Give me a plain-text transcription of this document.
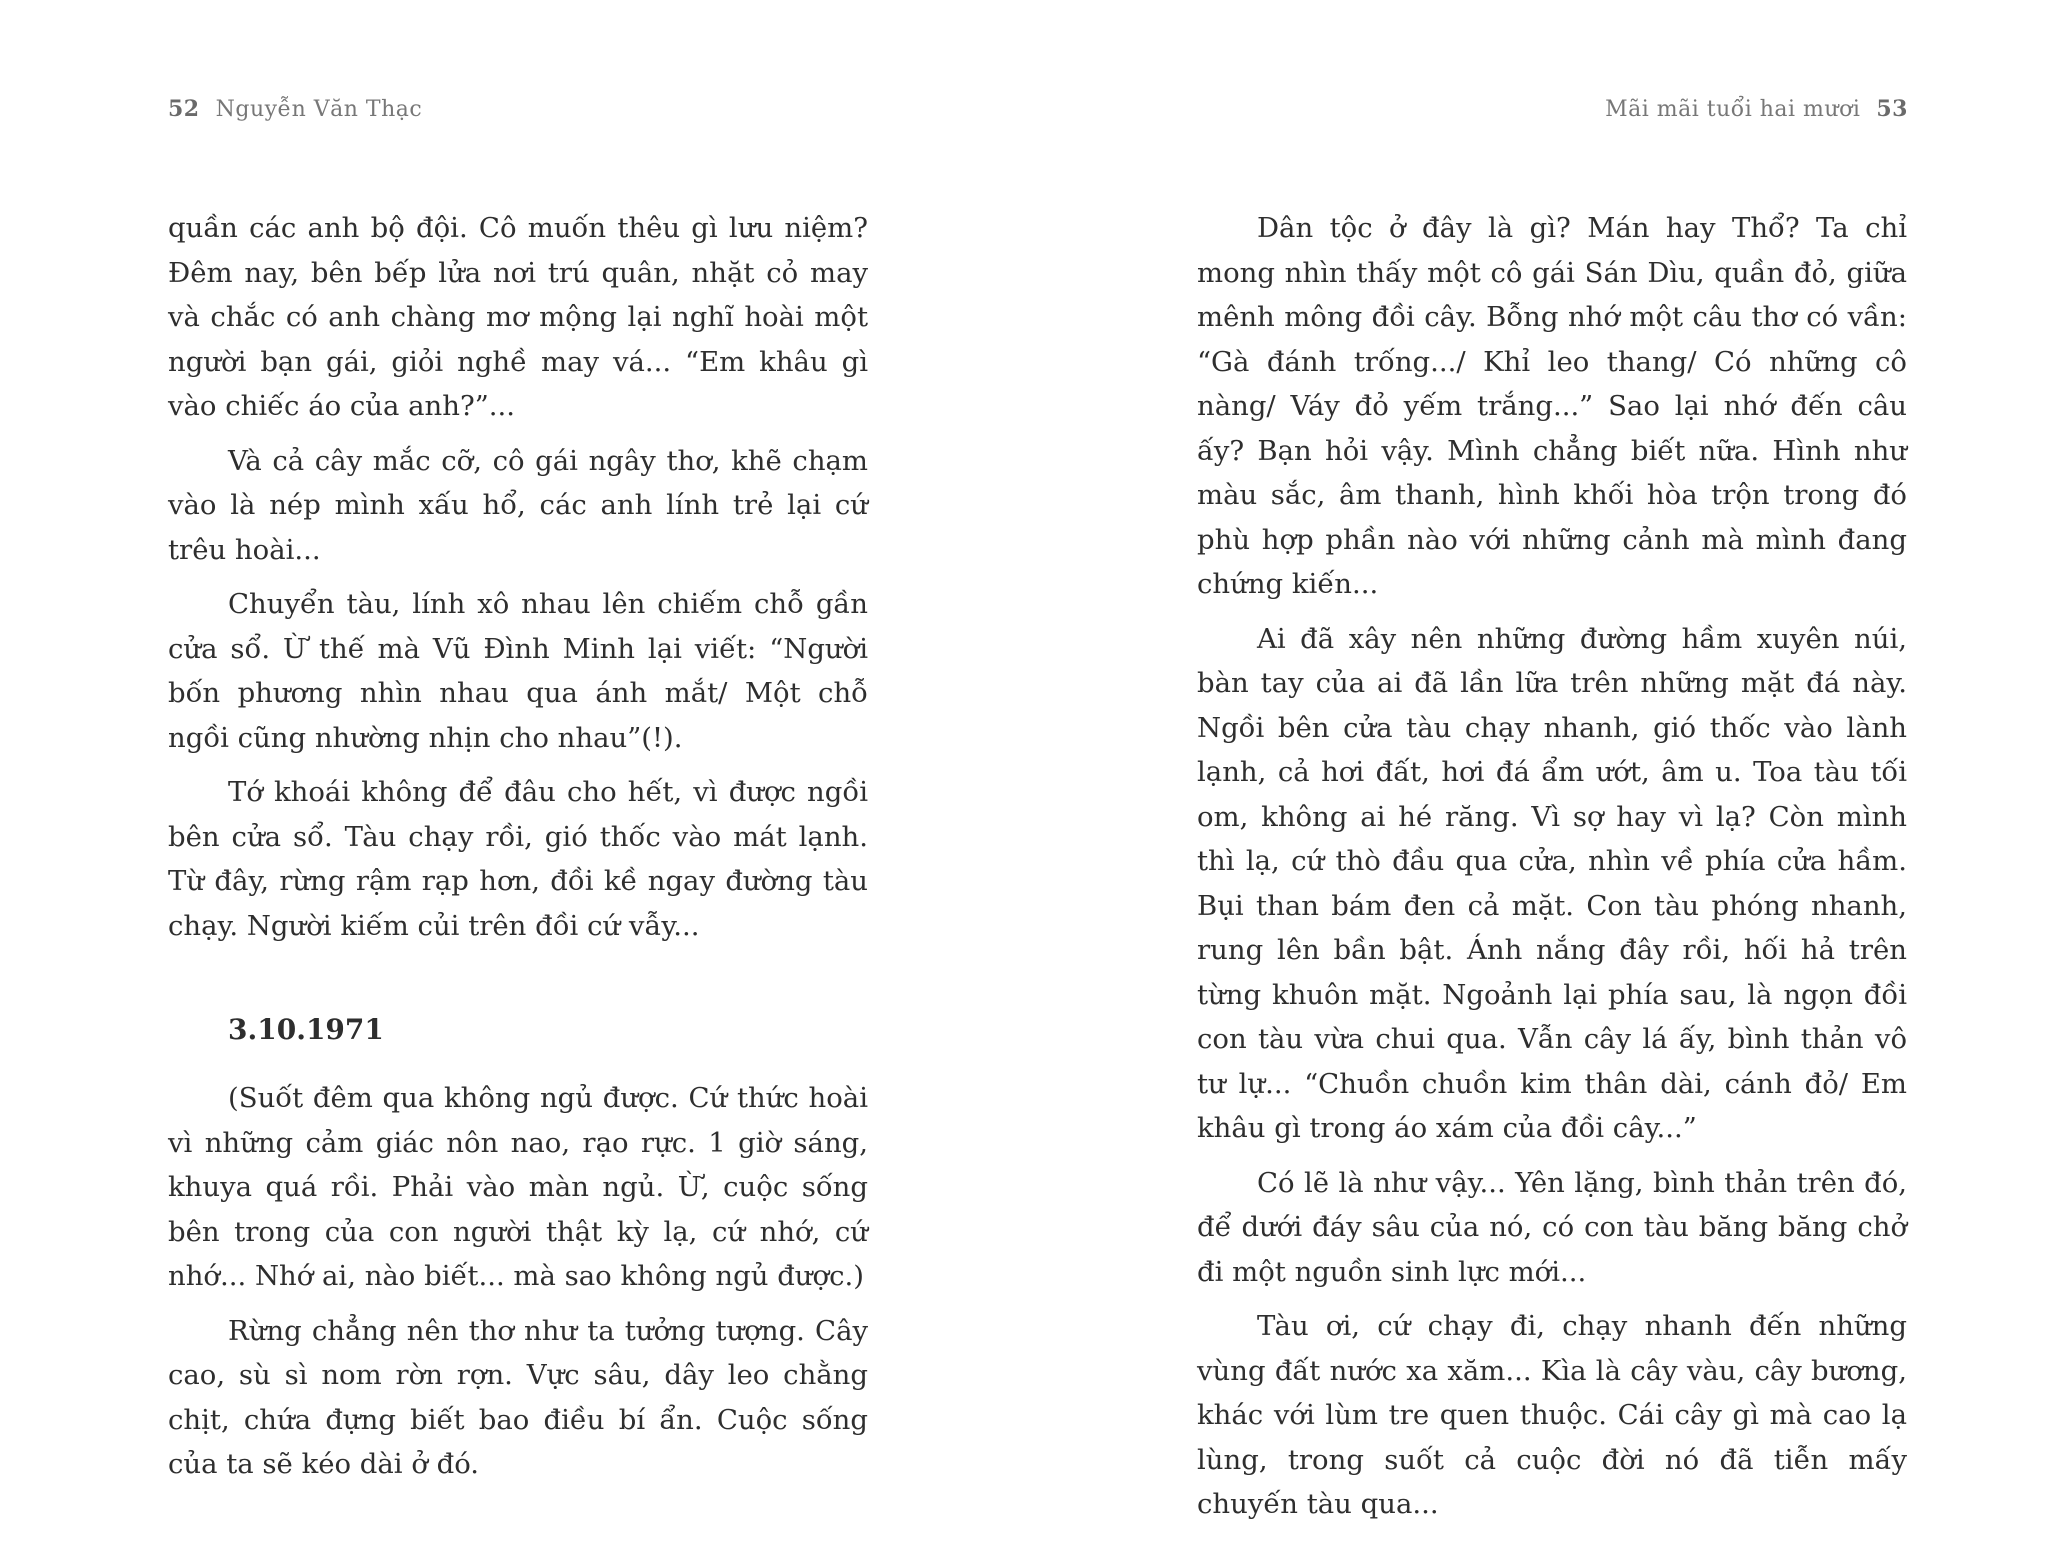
52 Nguyễn Văn Thạc

quần các anh bộ đội. Cô muốn thêu gì lưu niệm? Đêm nay, bên bếp lửa nơi trú quân, nhặt cỏ may và chắc có anh chàng mơ mộng lại nghĩ hoài một người bạn gái, giỏi nghề may vá... “Em khâu gì vào chiếc áo của anh?”...

Và cả cây mắc cỡ, cô gái ngây thơ, khẽ chạm vào là nép mình xấu hổ, các anh lính trẻ lại cứ trêu hoài...

Chuyển tàu, lính xô nhau lên chiếm chỗ gần cửa sổ. Ừ thế mà Vũ Đình Minh lại viết: “Người bốn phương nhìn nhau qua ánh mắt/ Một chỗ ngồi cũng nhường nhịn cho nhau”(!).

Tớ khoái không để đâu cho hết, vì được ngồi bên cửa sổ. Tàu chạy rồi, gió thốc vào mát lạnh. Từ đây, rừng rậm rạp hơn, đồi kề ngay đường tàu chạy. Người kiếm củi trên đồi cứ vẫy...

3.10.1971

(Suốt đêm qua không ngủ được. Cứ thức hoài vì những cảm giác nôn nao, rạo rực. 1 giờ sáng, khuya quá rồi. Phải vào màn ngủ. Ừ, cuộc sống bên trong của con người thật kỳ lạ, cứ nhớ, cứ nhớ... Nhớ ai, nào biết... mà sao không ngủ được.)

Rừng chẳng nên thơ như ta tưởng tượng. Cây cao, sù sì nom rờn rợn. Vực sâu, dây leo chằng chịt, chứa đựng biết bao điều bí ẩn. Cuộc sống của ta sẽ kéo dài ở đó.

Mãi mãi tuổi hai mươi 53

Dân tộc ở đây là gì? Mán hay Thổ? Ta chỉ mong nhìn thấy một cô gái Sán Dìu, quần đỏ, giữa mênh mông đồi cây. Bỗng nhớ một câu thơ có vần: “Gà đánh trống.../ Khỉ leo thang/ Có những cô nàng/ Váy đỏ yếm trắng...” Sao lại nhớ đến câu ấy? Bạn hỏi vậy. Mình chẳng biết nữa. Hình như màu sắc, âm thanh, hình khối hòa trộn trong đó phù hợp phần nào với những cảnh mà mình đang chứng kiến...

Ai đã xây nên những đường hầm xuyên núi, bàn tay của ai đã lần lữa trên những mặt đá này. Ngồi bên cửa tàu chạy nhanh, gió thốc vào lành lạnh, cả hơi đất, hơi đá ẩm ướt, âm u. Toa tàu tối om, không ai hé răng. Vì sợ hay vì lạ? Còn mình thì lạ, cứ thò đầu qua cửa, nhìn về phía cửa hầm. Bụi than bám đen cả mặt. Con tàu phóng nhanh, rung lên bần bật. Ánh nắng đây rồi, hối hả trên từng khuôn mặt. Ngoảnh lại phía sau, là ngọn đồi con tàu vừa chui qua. Vẫn cây lá ấy, bình thản vô tư lự... “Chuồn chuồn kim thân dài, cánh đỏ/ Em khâu gì trong áo xám của đồi cây...”

Có lẽ là như vậy... Yên lặng, bình thản trên đó, để dưới đáy sâu của nó, có con tàu băng băng chở đi một nguồn sinh lực mới...

Tàu ơi, cứ chạy đi, chạy nhanh đến những vùng đất nước xa xăm... Kìa là cây vàu, cây bương, khác với lùm tre quen thuộc. Cái cây gì mà cao lạ lùng, trong suốt cả cuộc đời nó đã tiễn mấy chuyến tàu qua...
